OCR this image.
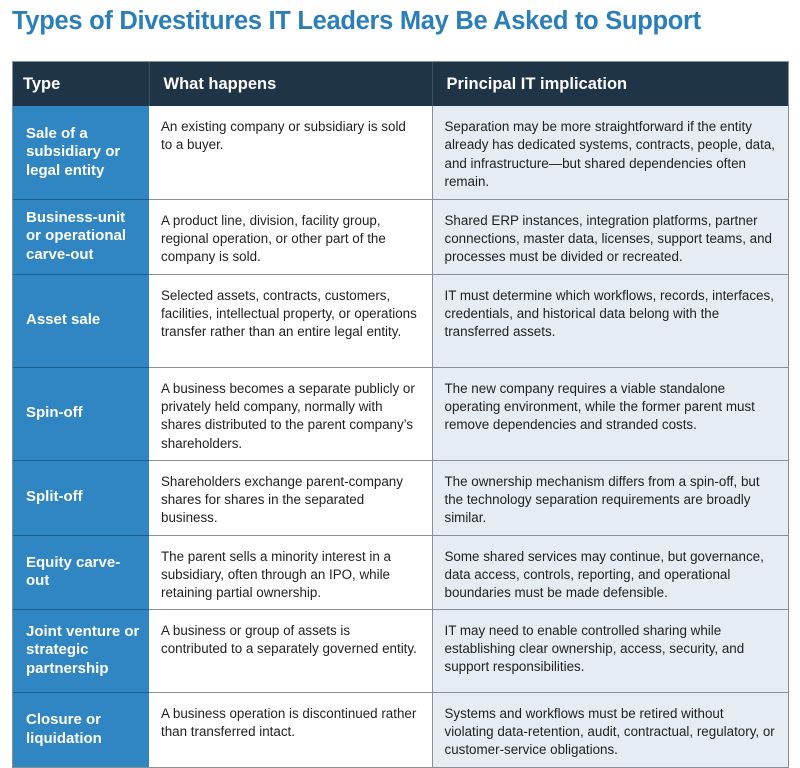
Types of Divestitures IT Leaders May Be Asked to Support
Type	What happens	Principal IT implication
Sale of a subsidiary or legal entity	An existing company or subsidiary is sold to a buyer.	Separation may be more straightforward if the entity already has dedicated systems, contracts, people, data, and infrastructure—but shared dependencies often remain.
Business-unit or operational carve-out	A product line, division, facility group, regional operation, or other part of the company is sold.	Shared ERP instances, integration platforms, partner connections, master data, licenses, support teams, and processes must be divided or recreated.
Asset sale	Selected assets, contracts, customers, facilities, intellectual property, or operations transfer rather than an entire legal entity.	IT must determine which workflows, records, interfaces, credentials, and historical data belong with the transferred assets.
Spin-off	A business becomes a separate publicly or privately held company, normally with shares distributed to the parent company’s shareholders.	The new company requires a viable standalone operating environment, while the former parent must remove dependencies and stranded costs.
Split-off	Shareholders exchange parent-company shares for shares in the separated business.	The ownership mechanism differs from a spin-off, but the technology separation requirements are broadly similar.
Equity carve-out	The parent sells a minority interest in a subsidiary, often through an IPO, while retaining partial ownership.	Some shared services may continue, but governance, data access, controls, reporting, and operational boundaries must be made defensible.
Joint venture or strategic partnership	A business or group of assets is contributed to a separately governed entity.	IT may need to enable controlled sharing while establishing clear ownership, access, security, and support responsibilities.
Closure or liquidation	A business operation is discontinued rather than transferred intact.	Systems and workflows must be retired without violating data-retention, audit, contractual, regulatory, or customer-service obligations.
